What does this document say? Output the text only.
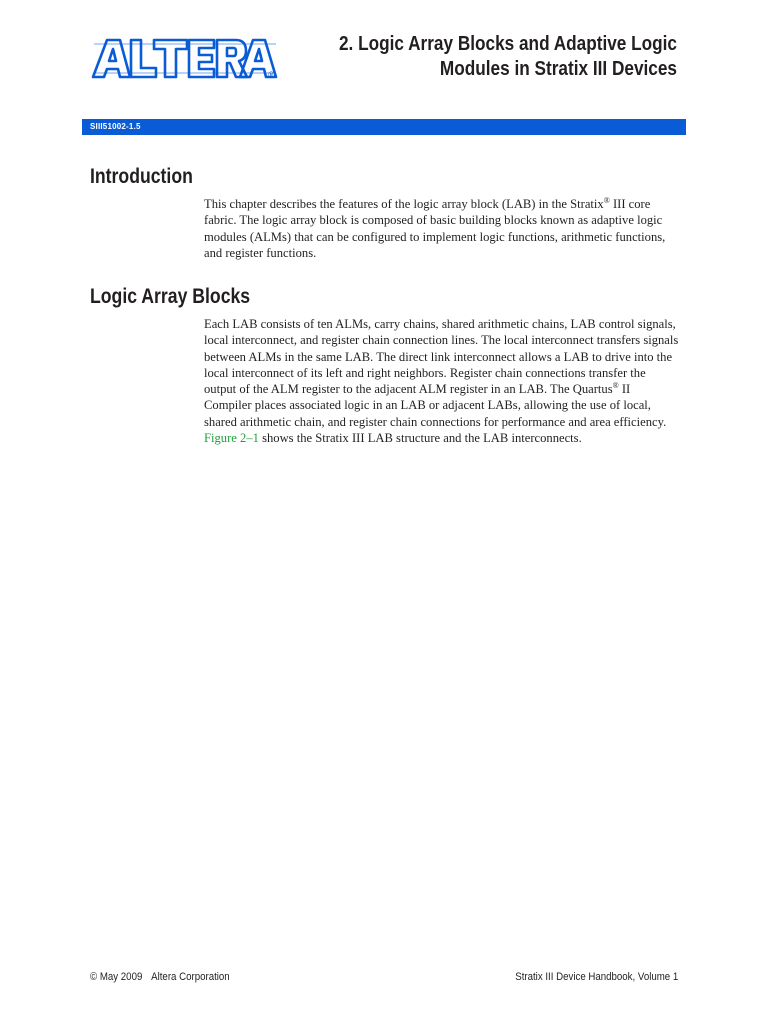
®
2. Logic Array Blocks and Adaptive Logic
Modules in Stratix III Devices
SIII51002-1.5
Introduction

This chapter describes the features of the logic array block (LAB) in the Stratix® III core fabric. The logic array block is composed of basic building blocks known as adaptive logic modules (ALMs) that can be configured to implement logic functions, arithmetic functions, and register functions.

Logic Array Blocks

Each LAB consists of ten ALMs, carry chains, shared arithmetic chains, LAB control signals, local interconnect, and register chain connection lines. The local interconnect transfers signals between ALMs in the same LAB. The direct link interconnect allows a LAB to drive into the local interconnect of its left and right neighbors. Register chain connections transfer the output of the ALM register to the adjacent ALM register in an LAB. The Quartus® II Compiler places associated logic in an LAB or adjacent LABs, allowing the use of local, shared arithmetic chain, and register chain connections for performance and area efficiency. Figure 2–1 shows the Stratix III LAB structure and the LAB interconnects.

© May 2009 Altera Corporation	Stratix III Device Handbook, Volume 1
